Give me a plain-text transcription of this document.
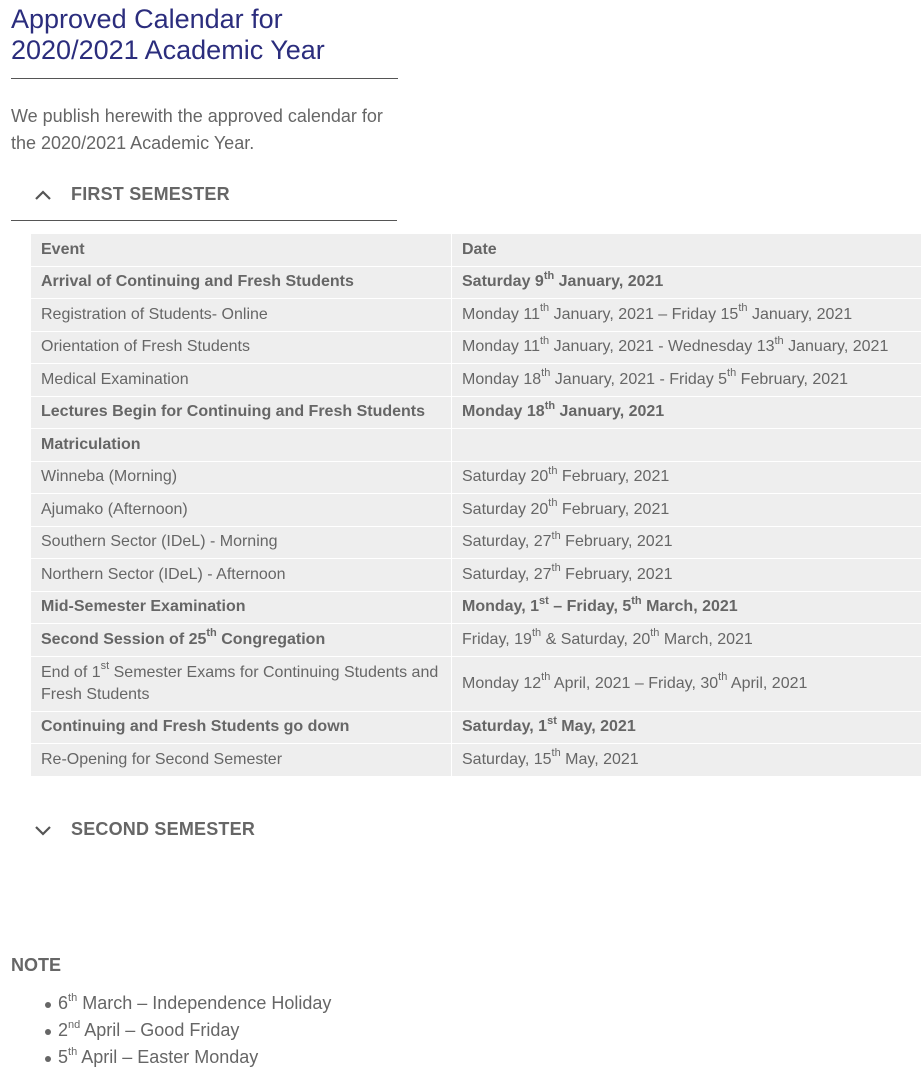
Approved Calendar for 2020/2021 Academic Year

We publish herewith the approved calendar for the 2020/2021 Academic Year.

FIRST SEMESTER
Event	Date
Arrival of Continuing and Fresh Students	Saturday 9th January, 2021
Registration of Students- Online	Monday 11th January, 2021 – Friday 15th January, 2021
Orientation of Fresh Students	Monday 11th January, 2021 - Wednesday 13th January, 2021
Medical Examination	Monday 18th January, 2021 - Friday 5th February, 2021
Lectures Begin for Continuing and Fresh Students	Monday 18th January, 2021
Matriculation	
Winneba (Morning)	Saturday 20th February, 2021
Ajumako (Afternoon)	Saturday 20th February, 2021
Southern Sector (IDeL) - Morning	Saturday, 27th February, 2021
Northern Sector (IDeL) - Afternoon	Saturday, 27th February, 2021
Mid-Semester Examination	Monday, 1st – Friday, 5th March, 2021
Second Session of 25th Congregation	Friday, 19th & Saturday, 20th March, 2021
End of 1st Semester Exams for Continuing Students and Fresh Students	Monday 12th April, 2021 – Friday, 30th April, 2021
Continuing and Fresh Students go down	Saturday, 1st May, 2021
Re-Opening for Second Semester	Saturday, 15th May, 2021
SECOND SEMESTER
NOTE
6th March – Independence Holiday
2nd April – Good Friday
5th April – Easter Monday
